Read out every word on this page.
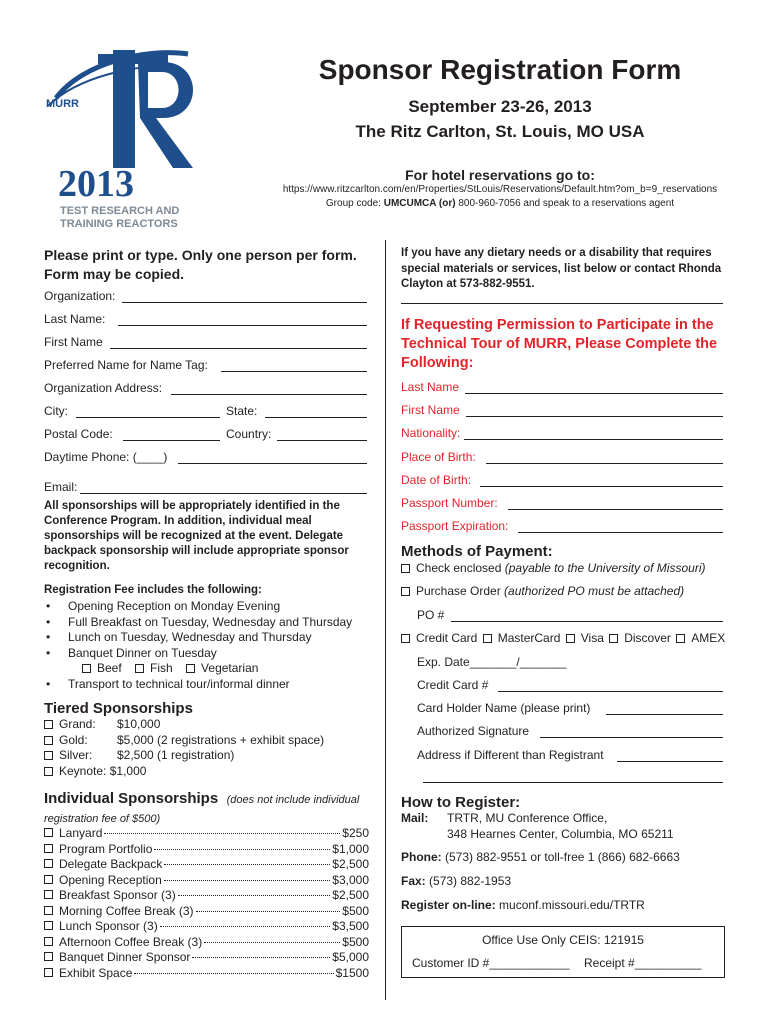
MURR
2013
TEST RESEARCH AND
TRAINING REACTORS
Sponsor Registration Form
September 23-26, 2013
The Ritz Carlton, St. Louis, MO USA
For hotel reservations go to:
https://www.ritzcarlton.com/en/Properties/StLouis/Reservations/Default.htm?om_b=9_reservations
Group code: UMCUMCA (or) 800-960-7056 and speak to a reservations agent
Please print or type. Only one person per form. Form may be copied.
Organization:
Last Name:
First Name
Preferred Name for Name Tag:
Organization Address:
City:	State:
Postal Code:	Country:
Daytime Phone: (____)
Email:
All sponsorships will be appropriately identified in the Conference Program. In addition, individual meal sponsorships will be recognized at the event. Delegate backpack sponsorship will include appropriate sponsor recognition.
Registration Fee includes the following:
• Opening Reception on Monday Evening
• Full Breakfast on Tuesday, Wednesday and Thursday
• Lunch on Tuesday, Wednesday and Thursday
• Banquet Dinner on Tuesday
Beef Fish Vegetarian
• Transport to technical tour/informal dinner
Tiered Sponsorships
Grand: $10,000
Gold: $5,000 (2 registrations + exhibit space)
Silver: $2,500 (1 registration)
Keynote: $1,000
Individual Sponsorships (does not include individual registration fee of $500)
Lanyard	$250
Program Portfolio	$1,000
Delegate Backpack	$2,500
Opening Reception	$3,000
Breakfast Sponsor (3)	$2,500
Morning Coffee Break (3)	$500
Lunch Sponsor (3)	$3,500
Afternoon Coffee Break (3)	$500
Banquet Dinner Sponsor	$5,000
Exhibit Space	$1500
If you have any dietary needs or a disability that requires special materials or services, list below or contact Rhonda Clayton at 573-882-9551.
If Requesting Permission to Participate in the Technical Tour of MURR, Please Complete the Following:
Last Name
First Name
Nationality:
Place of Birth:
Date of Birth:
Passport Number:
Passport Expiration:
Methods of Payment:
Check enclosed (payable to the University of Missouri)
Purchase Order (authorized PO must be attached)
PO #
Credit Card MasterCard Visa Discover AMEX
Exp. Date_______/_______
Credit Card #
Card Holder Name (please print)
Authorized Signature
Address if Different than Registrant
How to Register:
Mail: TRTR, MU Conference Office,
348 Hearnes Center, Columbia, MO 65211
Phone: (573) 882-9551 or toll-free 1 (866) 682-6663
Fax: (573) 882-1953
Register on-line: muconf.missouri.edu/TRTR
Office Use Only CEIS: 121915
Customer ID #____________ Receipt #__________
